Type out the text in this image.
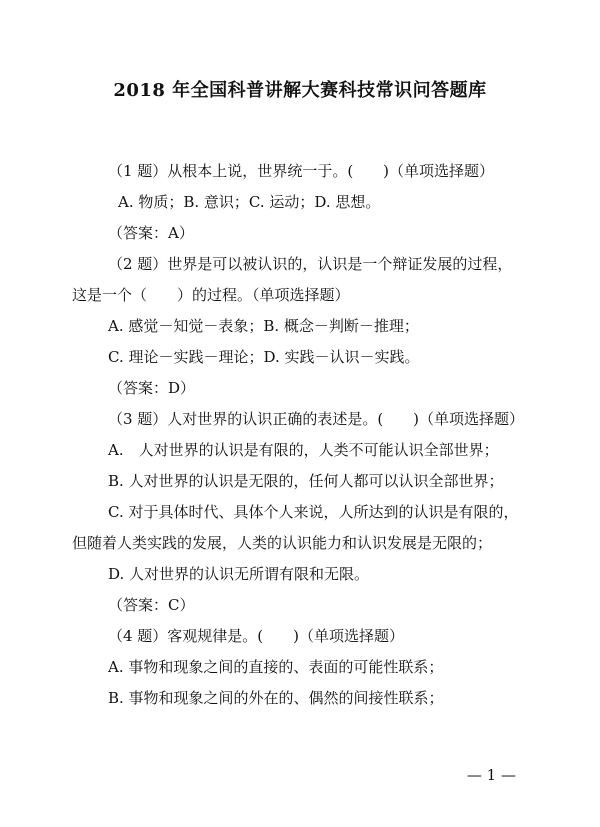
2018 年全国科普讲解大赛科技常识问答题库
（1 题）从根本上说，世界统一于。(　　)（单项选择题）
A. 物质；B. 意识；C. 运动；D. 思想。
（答案：A）
（2 题）世界是可以被认识的，认识是一个辩证发展的过程，
这是一个（　　）的过程。（单项选择题）
A. 感觉－知觉－表象；B. 概念－判断－推理；
C. 理论－实践－理论；D. 实践－认识－实践。
（答案：D）
（3 题）人对世界的认识正确的表述是。(　　)（单项选择题）
A.　人对世界的认识是有限的，人类不可能认识全部世界；
B. 人对世界的认识是无限的，任何人都可以认识全部世界；
C. 对于具体时代、具体个人来说，人所达到的认识是有限的，
但随着人类实践的发展，人类的认识能力和认识发展是无限的；
D. 人对世界的认识无所谓有限和无限。
（答案：C）
（4 题）客观规律是。(　　)（单项选择题）
A. 事物和现象之间的直接的、表面的可能性联系；
B. 事物和现象之间的外在的、偶然的间接性联系；
— 1 —
